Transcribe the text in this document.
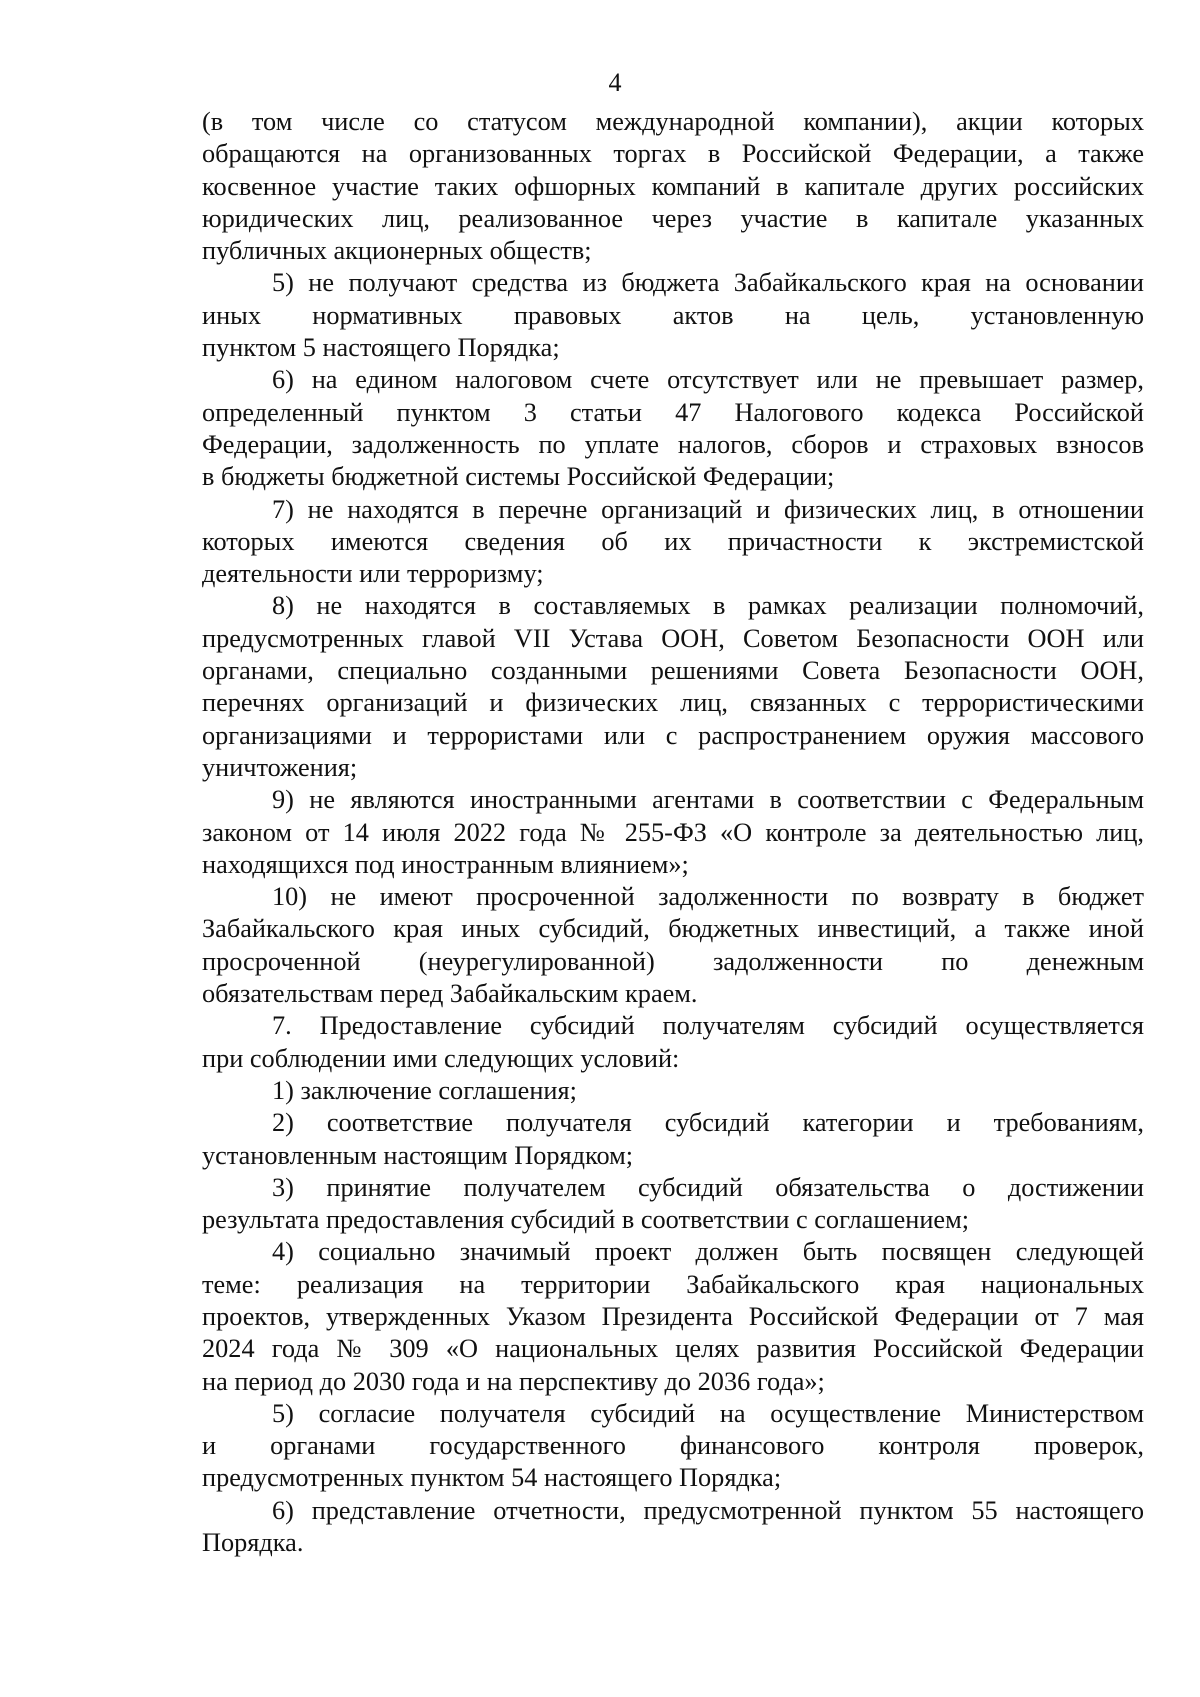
4
(в том числе со статусом международной компании), акции которых
обращаются на организованных торгах в Российской Федерации, а также
косвенное участие таких офшорных компаний в капитале других российских
юридических лиц, реализованное через участие в капитале указанных
публичных акционерных обществ;
5) не получают средства из бюджета Забайкальского края на основании
иных нормативных правовых актов на цель, установленную
пунктом 5 настоящего Порядка;
6) на едином налоговом счете отсутствует или не превышает размер,
определенный пунктом 3 статьи 47 Налогового кодекса Российской
Федерации, задолженность по уплате налогов, сборов и страховых взносов
в бюджеты бюджетной системы Российской Федерации;
7) не находятся в перечне организаций и физических лиц, в отношении
которых имеются сведения об их причастности к экстремистской
деятельности или терроризму;
8) не находятся в составляемых в рамках реализации полномочий,
предусмотренных главой VII Устава ООН, Советом Безопасности ООН или
органами, специально созданными решениями Совета Безопасности ООН,
перечнях организаций и физических лиц, связанных с террористическими
организациями и террористами или с распространением оружия массового
уничтожения;
9) не являются иностранными агентами в соответствии с Федеральным
законом от 14 июля 2022 года № 255-ФЗ «О контроле за деятельностью лиц,
находящихся под иностранным влиянием»;
10) не имеют просроченной задолженности по возврату в бюджет
Забайкальского края иных субсидий, бюджетных инвестиций, а также иной
просроченной (неурегулированной) задолженности по денежным
обязательствам перед Забайкальским краем.
7. Предоставление субсидий получателям субсидий осуществляется
при соблюдении ими следующих условий:
1) заключение соглашения;
2) соответствие получателя субсидий категории и требованиям,
установленным настоящим Порядком;
3) принятие получателем субсидий обязательства о достижении
результата предоставления субсидий в соответствии с соглашением;
4) социально значимый проект должен быть посвящен следующей
теме: реализация на территории Забайкальского края национальных
проектов, утвержденных Указом Президента Российской Федерации от 7 мая
2024 года № 309 «О национальных целях развития Российской Федерации
на период до 2030 года и на перспективу до 2036 года»;
5) согласие получателя субсидий на осуществление Министерством
и органами государственного финансового контроля проверок,
предусмотренных пунктом 54 настоящего Порядка;
6) представление отчетности, предусмотренной пунктом 55 настоящего
Порядка.
